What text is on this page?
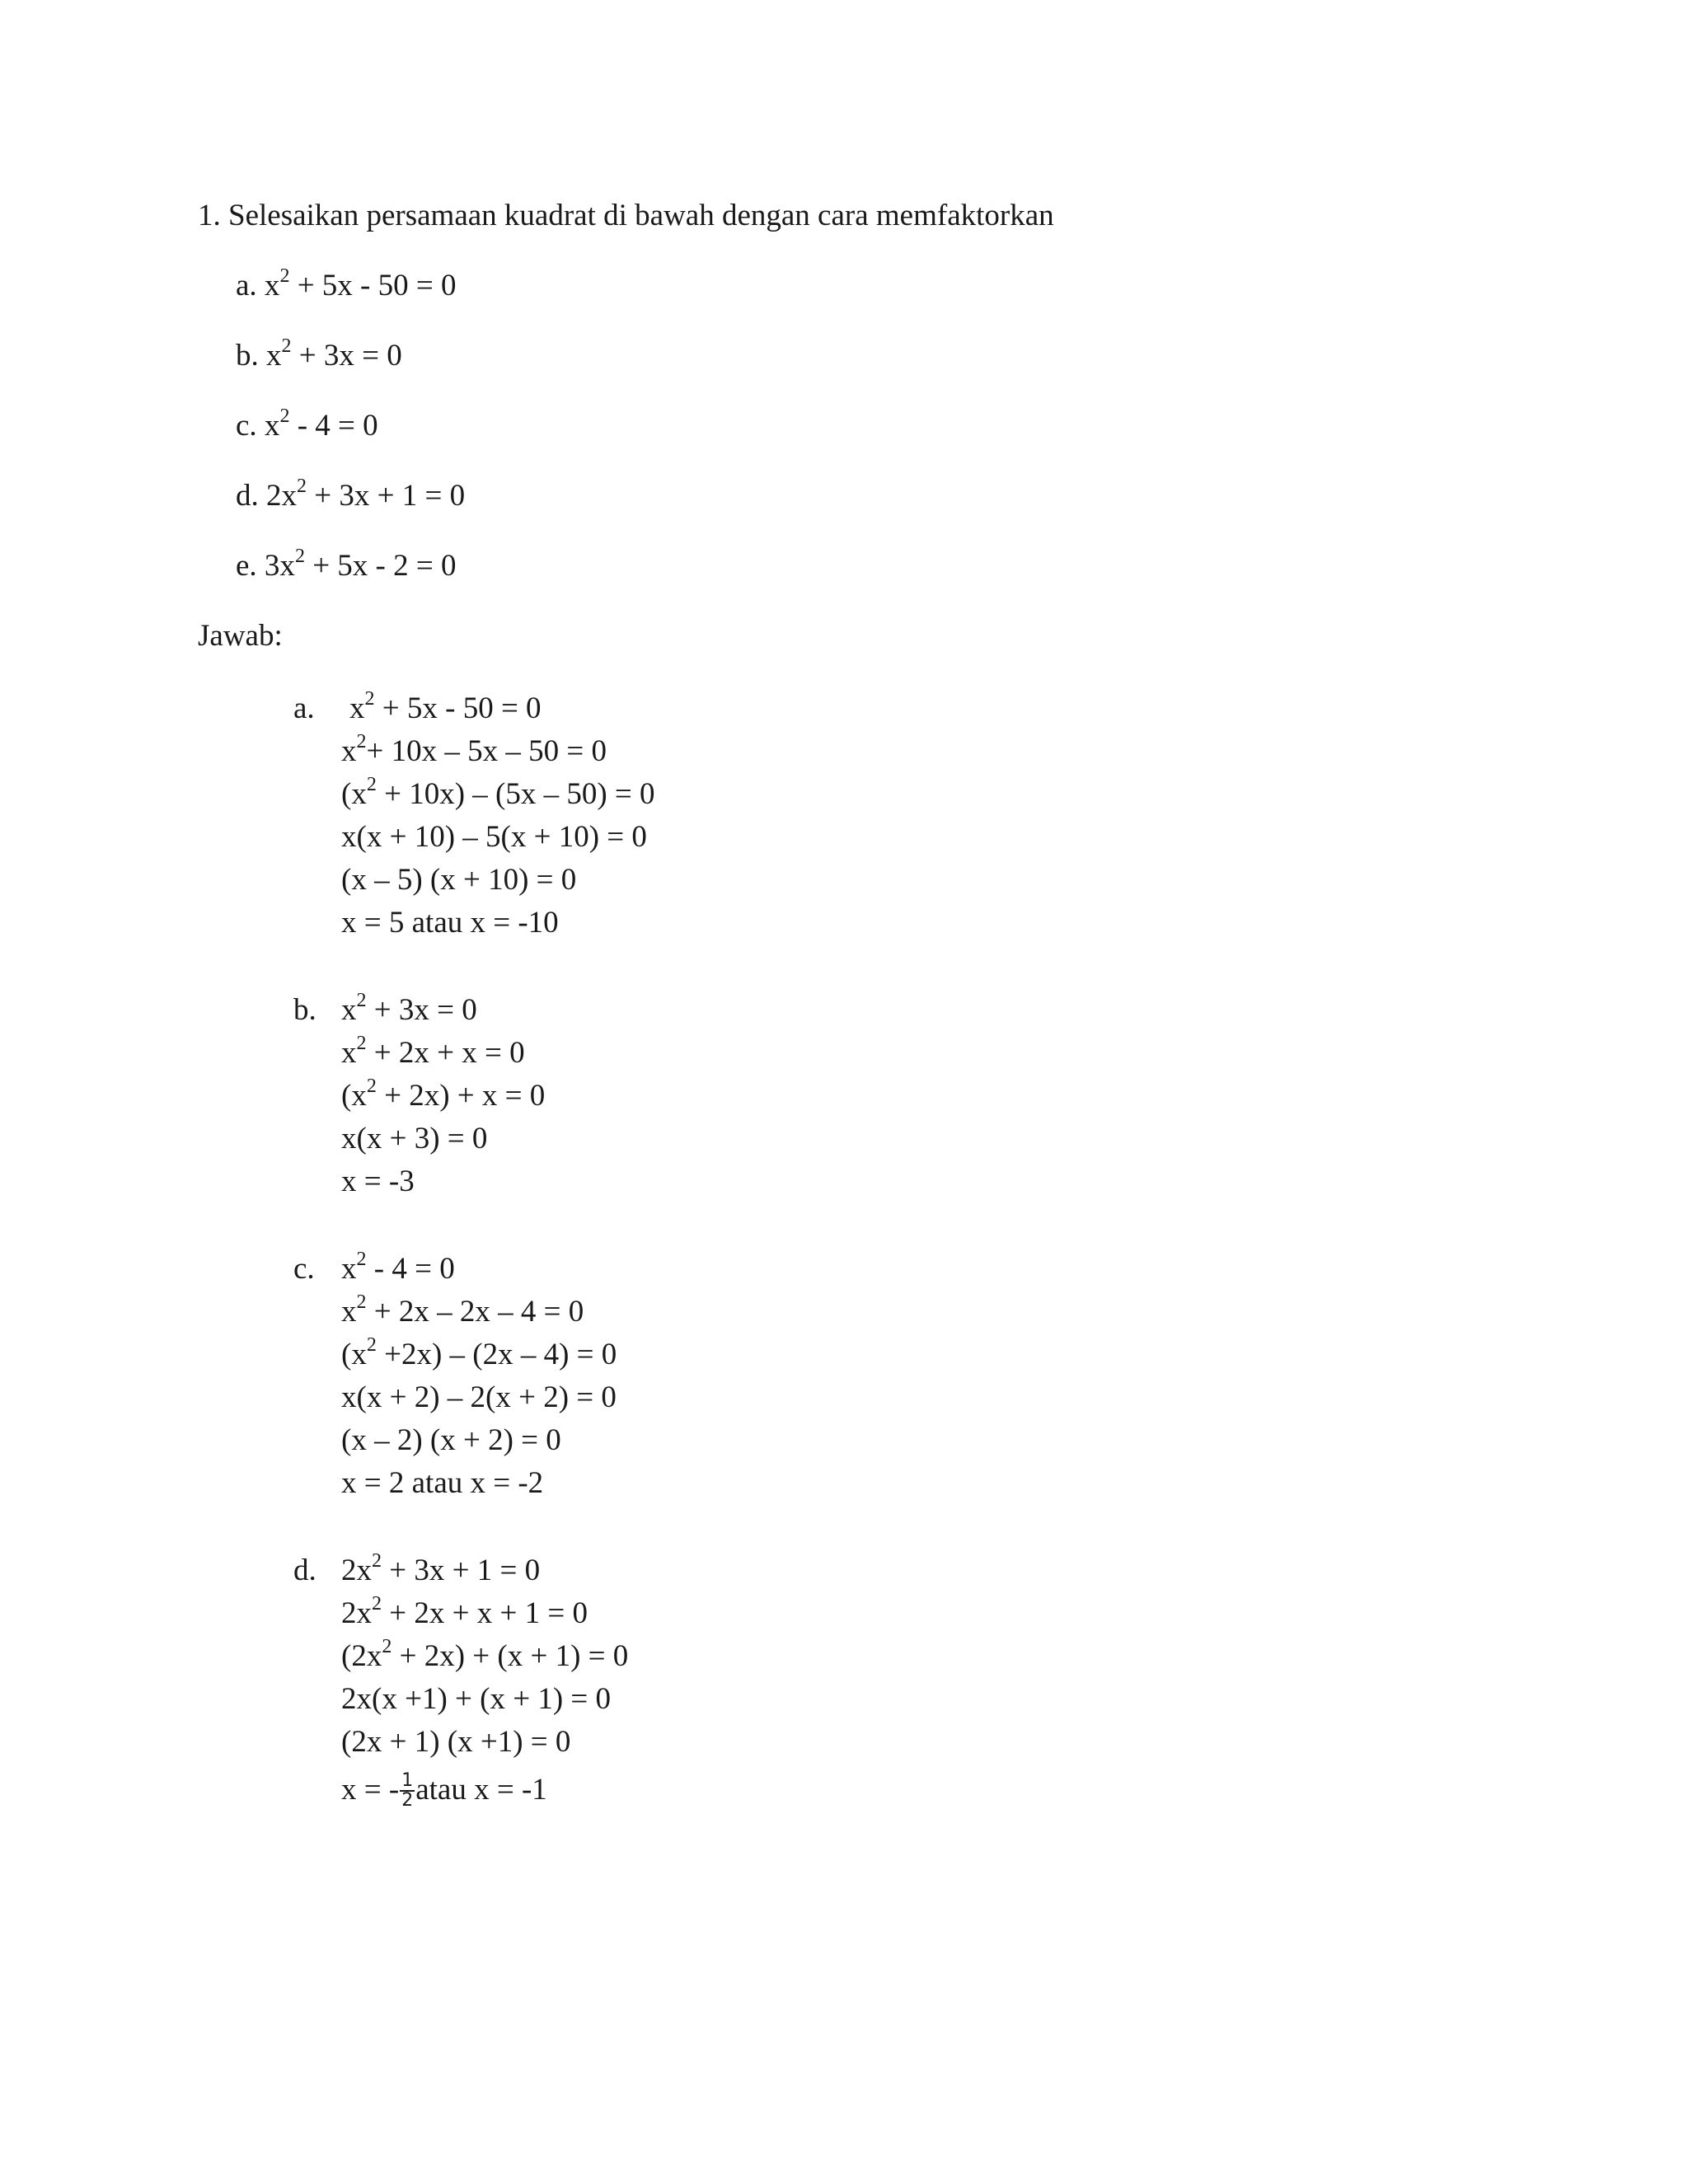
1. Selesaikan persamaan kuadrat di bawah dengan cara memfaktorkan
a. $x^2 + 5x - 50 = 0$
b. $x^2 + 3x = 0$
c. $x^2 - 4 = 0$
d. $2x^2 + 3x + 1 = 0$
e. $3x^2 + 5x - 2 = 0$
Jawab:
a. $x^2 + 5x - 50 = 0$
$x^2+ 10x - 5x - 50 = 0$
$(x^2 + 10x) - (5x - 50) = 0$
x(x + 10) – 5(x + 10) = 0
(x – 5) (x + 10) = 0
x = 5 atau x = -10
b. $x^2 + 3x = 0$
$x^2 + 2x + x = 0$
$(x^2 + 2x) + x = 0$
x(x + 3) = 0
x = -3
c. $x^2 - 4 = 0$
$x^2 + 2x - 2x - 4 = 0$
$(x^2 +2x) - (2x - 4) = 0$
x(x + 2) – 2(x + 2) = 0
(x – 2) (x + 2) = 0
x = 2 atau x = -2
d. $2x^2 + 3x + 1 = 0$
$2x^2 + 2x + x + 1 = 0$
$(2x^2 + 2x) + (x + 1) = 0$
2x(x +1) + (x + 1) = 0
(2x + 1) (x +1) = 0
x = - $\frac{1}{2}$ atau x = -1
